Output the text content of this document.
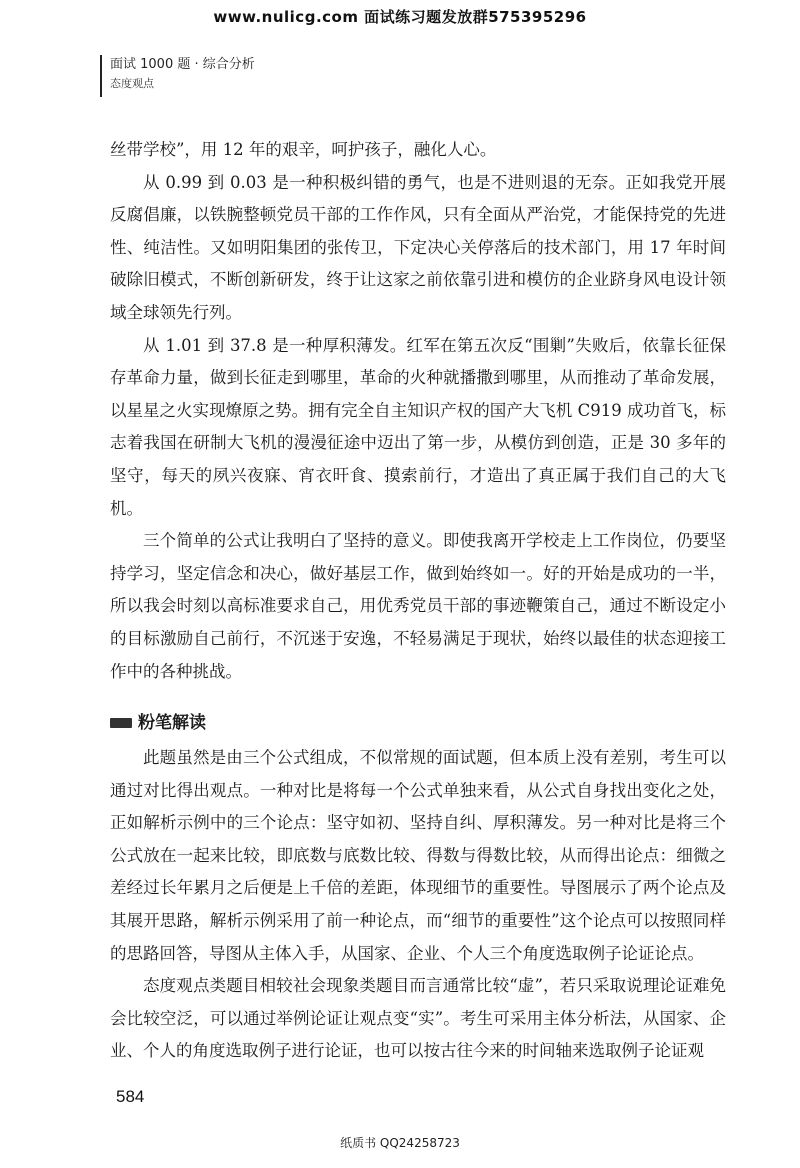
www.nulicg.com 面试练习题发放群575395296
面试 1000 题 · 综合分析
态度观点

丝带学校”，用 12 年的艰辛，呵护孩子，融化人心。

从 0.99 到 0.03 是一种积极纠错的勇气，也是不进则退的无奈。正如我党开展反腐倡廉，以铁腕整顿党员干部的工作作风，只有全面从严治党，才能保持党的先进性、纯洁性。又如明阳集团的张传卫，下定决心关停落后的技术部门，用 17 年时间破除旧模式，不断创新研发，终于让这家之前依靠引进和模仿的企业跻身风电设计领域全球领先行列。

从 1.01 到 37.8 是一种厚积薄发。红军在第五次反“围剿”失败后，依靠长征保存革命力量，做到长征走到哪里，革命的火种就播撒到哪里，从而推动了革命发展，以星星之火实现燎原之势。拥有完全自主知识产权的国产大飞机 C919 成功首飞，标志着我国在研制大飞机的漫漫征途中迈出了第一步，从模仿到创造，正是 30 多年的坚守，每天的夙兴夜寐、宵衣旰食、摸索前行，才造出了真正属于我们自己的大飞机。

三个简单的公式让我明白了坚持的意义。即使我离开学校走上工作岗位，仍要坚持学习，坚定信念和决心，做好基层工作，做到始终如一。好的开始是成功的一半，所以我会时刻以高标准要求自己，用优秀党员干部的事迹鞭策自己，通过不断设定小的目标激励自己前行，不沉迷于安逸，不轻易满足于现状，始终以最佳的状态迎接工作中的各种挑战。

粉笔解读

此题虽然是由三个公式组成，不似常规的面试题，但本质上没有差别，考生可以通过对比得出观点。一种对比是将每一个公式单独来看，从公式自身找出变化之处，正如解析示例中的三个论点：坚守如初、坚持自纠、厚积薄发。另一种对比是将三个公式放在一起来比较，即底数与底数比较、得数与得数比较，从而得出论点：细微之差经过长年累月之后便是上千倍的差距，体现细节的重要性。导图展示了两个论点及其展开思路，解析示例采用了前一种论点，而“细节的重要性”这个论点可以按照同样的思路回答，导图从主体入手，从国家、企业、个人三个角度选取例子论证论点。

态度观点类题目相较社会现象类题目而言通常比较“虚”，若只采取说理论证难免会比较空泛，可以通过举例论证让观点变“实”。考生可采用主体分析法，从国家、企业、个人的角度选取例子进行论证，也可以按古往今来的时间轴来选取例子论证观

584
纸质书 QQ24258723
